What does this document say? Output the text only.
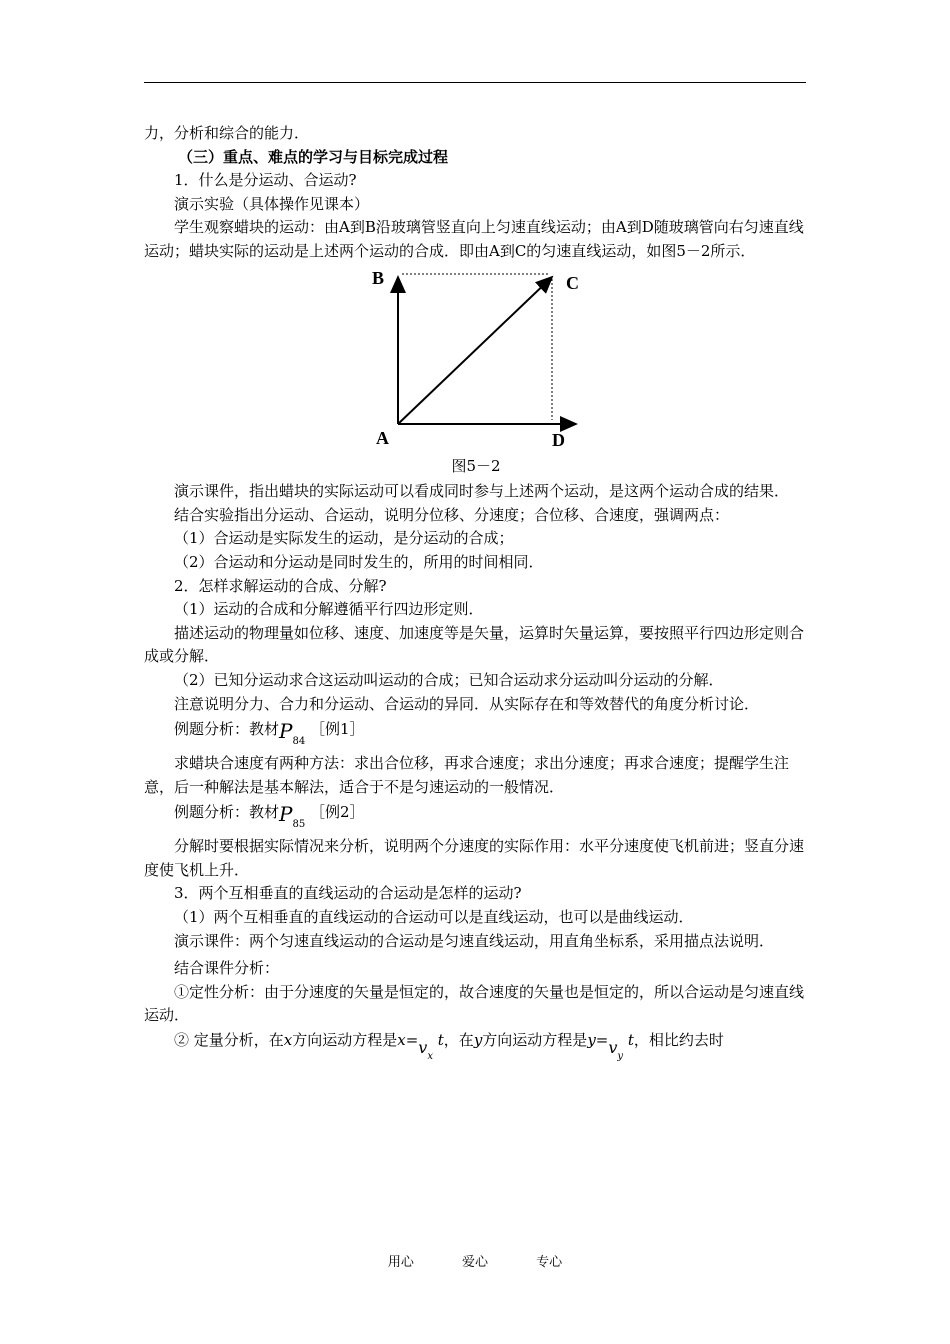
力，分析和综合的能力．

（三）重点、难点的学习与目标完成过程

1．什么是分运动、合运动?

演示实验（具体操作见课本）

学生观察蜡块的运动：由A到B沿玻璃管竖直向上匀速直线运动；由A到D随玻璃管向右匀速直线运动；蜡块实际的运动是上述两个运动的合成．即由A到C的匀速直线运动，如图5－2所示．

B	C
A	D

图5－2

演示课件，指出蜡块的实际运动可以看成同时参与上述两个运动，是这两个运动合成的结果．

结合实验指出分运动、合运动，说明分位移、分速度；合位移、合速度，强调两点：

（1）合运动是实际发生的运动，是分运动的合成；

（2）合运动和分运动是同时发生的，所用的时间相同．

2．怎样求解运动的合成、分解?

（1）运动的合成和分解遵循平行四边形定则．

描述运动的物理量如位移、速度、加速度等是矢量，运算时矢量运算，要按照平行四边形定则合成或分解．

（2）已知分运动求合这运动叫运动的合成；已知合运动求分运动叫分运动的分解．

注意说明分力、合力和分运动、合运动的异同．从实际存在和等效替代的角度分析讨论．

例题分析：教材$P_{84}$ ［例1］

求蜡块合速度有两种方法：求出合位移，再求合速度；求出分速度；再求合速度；提醒学生注意，后一种解法是基本解法，适合于不是匀速运动的一般情况．

例题分析：教材$P_{85}$ ［例2］

分解时要根据实际情况来分析，说明两个分速度的实际作用：水平分速度使飞机前进；竖直分速度使飞机上升．

3．两个互相垂直的直线运动的合运动是怎样的运动?

（1）两个互相垂直的直线运动的合运动可以是直线运动，也可以是曲线运动．

演示课件：两个匀速直线运动的合运动是匀速直线运动，用直角坐标系，采用描点法说明．

结合课件分析：

①定性分析：由于分速度的矢量是恒定的，故合速度的矢量也是恒定的，所以合运动是匀速直线运动．

② 定量分析，在x方向运动方程是$x=v_x$ t，在y方向运动方程是$y=v_y$ t，相比约去时

用心	爱心	专心
